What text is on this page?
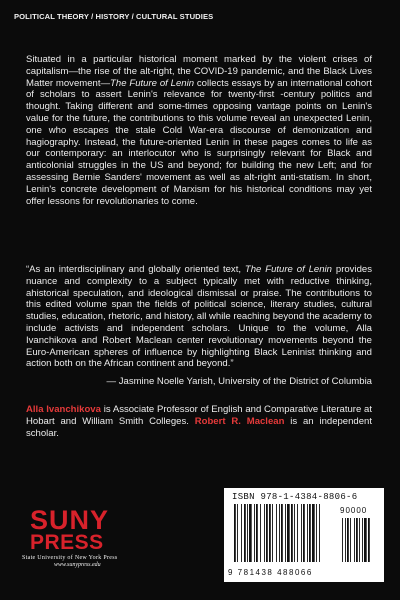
POLITICAL THEORY / HISTORY / CULTURAL STUDIES

Situated in a particular historical moment marked by the violent crises of capitalism—the rise of the alt-right, the COVID-19 pandemic, and the Black Lives Matter movement—The Future of Lenin collects essays by an international cohort of scholars to assert Lenin's relevance for twenty-first -century politics and thought. Taking different and some-times opposing vantage points on Lenin's value for the future, the contributions to this volume reveal an unexpected Lenin, one who escapes the stale Cold War-era discourse of demonization and hagiography. Instead, the future-oriented Lenin in these pages comes to life as our contemporary: an interlocutor who is surprisingly relevant for Black and anticolonial struggles in the US and beyond; for building the new Left; and for assessing Bernie Sanders' movement as well as alt-right anti-statism. In short, Lenin's concrete development of Marxism for his historical conditions may yet offer lessons for revolutionaries to come.

“As an interdisciplinary and globally oriented text, The Future of Lenin provides nuance and complexity to a subject typically met with reductive thinking, ahistorical speculation, and ideological dismissal or praise. The contributions to this edited volume span the fields of political science, literary studies, cultural studies, education, rhetoric, and history, all while reaching beyond the academy to include activists and independent scholars. Unique to the volume, Alla Ivanchikova and Robert Maclean center revolutionary movements beyond the Euro-American spheres of influence by highlighting Black Leninist thinking and action both on the African continent and beyond.”

— Jasmine Noelle Yarish, University of the District of Columbia

Alla Ivanchikova is Associate Professor of English and Comparative Literature at Hobart and William Smith Colleges. Robert R. Maclean is an independent scholar.

SUNY
PRESS
State University of New York Press
www.sunypress.edu
ISBN 978-1-4384-8806-6
90000
9 781438 488066
